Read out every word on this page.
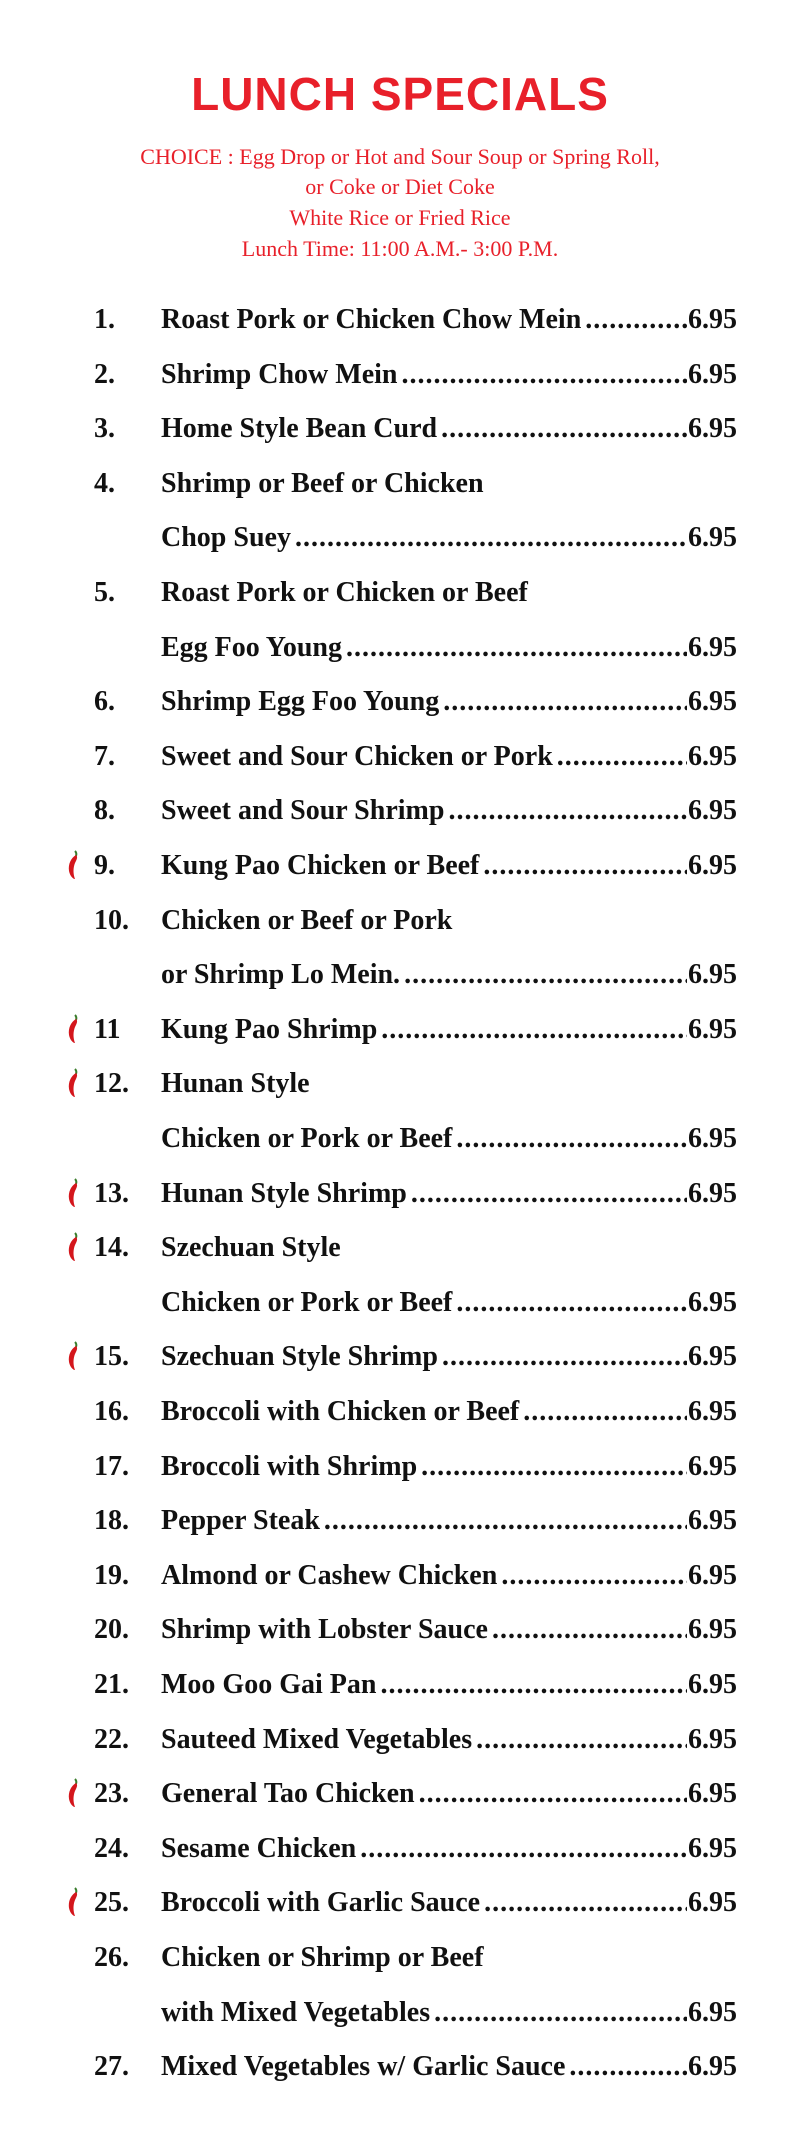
LUNCH SPECIALS
CHOICE : Egg Drop or Hot and Sour Soup or Spring Roll,
or Coke or Diet Coke
White Rice or Fried Rice
Lunch Time: 11:00 A.M.- 3:00 P.M.
1. Roast Pork or Chicken Chow Mein .....	6.95
2. Shrimp Chow Mein .....	6.95
3. Home Style Bean Curd .....	6.95
4. Shrimp or Beef or Chicken
Chop Suey .....	6.95
5. Roast Pork or Chicken or Beef
Egg Foo Young .....	6.95
6. Shrimp Egg Foo Young .....	6.95
7. Sweet and Sour Chicken or Pork .....	6.95
8. Sweet and Sour Shrimp .....	6.95
9. Kung Pao Chicken or Beef .....	6.95
10. Chicken or Beef or Pork
or Shrimp Lo Mein. .....	6.95
11 Kung Pao Shrimp .....	6.95
12. Hunan Style
Chicken or Pork or Beef .....	6.95
13. Hunan Style Shrimp .....	6.95
14. Szechuan Style
Chicken or Pork or Beef .....	6.95
15. Szechuan Style Shrimp .....	6.95
16. Broccoli with Chicken or Beef .....	6.95
17. Broccoli with Shrimp .....	6.95
18. Pepper Steak .....	6.95
19. Almond or Cashew Chicken .....	6.95
20. Shrimp with Lobster Sauce .....	6.95
21. Moo Goo Gai Pan .....	6.95
22. Sauteed Mixed Vegetables .....	6.95
23. General Tao Chicken .....	6.95
24. Sesame Chicken .....	6.95
25. Broccoli with Garlic Sauce .....	6.95
26. Chicken or Shrimp or Beef
with Mixed Vegetables .....	6.95
27. Mixed Vegetables w/ Garlic Sauce .....	6.95
